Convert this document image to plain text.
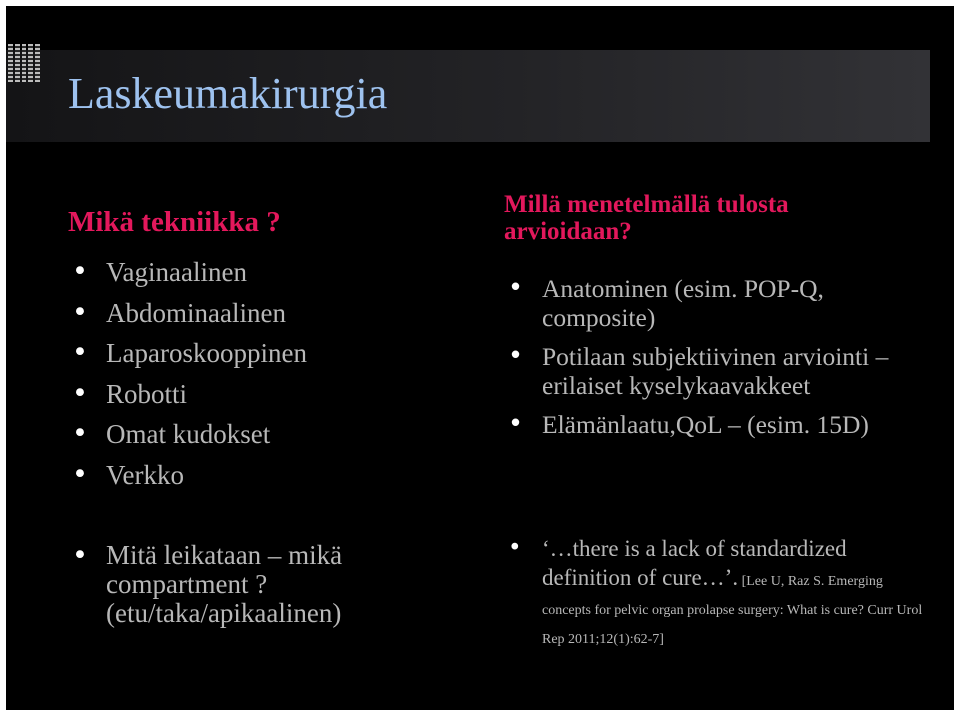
Laskeumakirurgia
Mikä tekniikka ?
• Vaginaalinen
• Abdominaalinen
• Laparoskooppinen
• Robotti
• Omat kudokset
• Verkko
• Mitä leikataan – mikä compartment ? (etu/taka/apikaalinen)
Millä menetelmällä tulosta arvioidaan?
• Anatominen (esim. POP-Q, composite)
• Potilaan subjektiivinen arviointi – erilaiset kyselykaavakkeet
• Elämänlaatu,QoL – (esim. 15D)
• ‘…there is a lack of standardized definition of cure…’. [Lee U, Raz S. Emerging concepts for pelvic organ prolapse surgery: What is cure? Curr Urol Rep 2011;12(1):62-7]
